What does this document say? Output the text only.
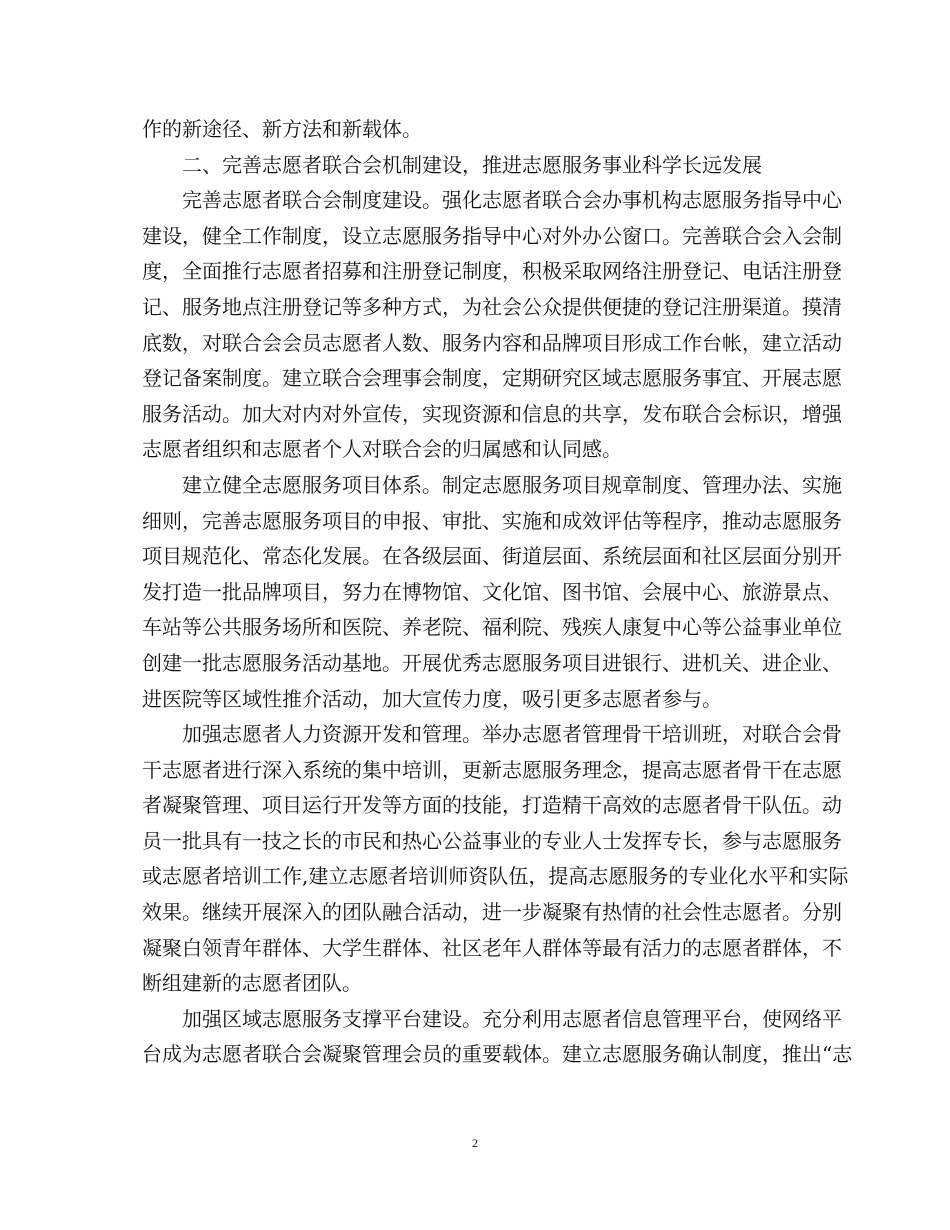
作的新途径、新方法和新载体。

二、完善志愿者联合会机制建设，推进志愿服务事业科学长远发展

完善志愿者联合会制度建设。强化志愿者联合会办事机构志愿服务指导中心

建设，健全工作制度，设立志愿服务指导中心对外办公窗口。完善联合会入会制

度，全面推行志愿者招募和注册登记制度，积极采取网络注册登记、电话注册登

记、服务地点注册登记等多种方式，为社会公众提供便捷的登记注册渠道。摸清

底数，对联合会会员志愿者人数、服务内容和品牌项目形成工作台帐，建立活动

登记备案制度。建立联合会理事会制度，定期研究区域志愿服务事宜、开展志愿

服务活动。加大对内对外宣传，实现资源和信息的共享，发布联合会标识，增强

志愿者组织和志愿者个人对联合会的归属感和认同感。

建立健全志愿服务项目体系。制定志愿服务项目规章制度、管理办法、实施

细则，完善志愿服务项目的申报、审批、实施和成效评估等程序，推动志愿服务

项目规范化、常态化发展。在各级层面、街道层面、系统层面和社区层面分别开

发打造一批品牌项目，努力在博物馆、文化馆、图书馆、会展中心、旅游景点、

车站等公共服务场所和医院、养老院、福利院、残疾人康复中心等公益事业单位

创建一批志愿服务活动基地。开展优秀志愿服务项目进银行、进机关、进企业、

进医院等区域性推介活动，加大宣传力度，吸引更多志愿者参与。

加强志愿者人力资源开发和管理。举办志愿者管理骨干培训班，对联合会骨

干志愿者进行深入系统的集中培训，更新志愿服务理念，提高志愿者骨干在志愿

者凝聚管理、项目运行开发等方面的技能，打造精干高效的志愿者骨干队伍。动

员一批具有一技之长的市民和热心公益事业的专业人士发挥专长，参与志愿服务

或志愿者培训工作,建立志愿者培训师资队伍，提高志愿服务的专业化水平和实际

效果。继续开展深入的团队融合活动，进一步凝聚有热情的社会性志愿者。分别

凝聚白领青年群体、大学生群体、社区老年人群体等最有活力的志愿者群体，不

断组建新的志愿者团队。

加强区域志愿服务支撑平台建设。充分利用志愿者信息管理平台，使网络平

台成为志愿者联合会凝聚管理会员的重要载体。建立志愿服务确认制度，推出“志

2
